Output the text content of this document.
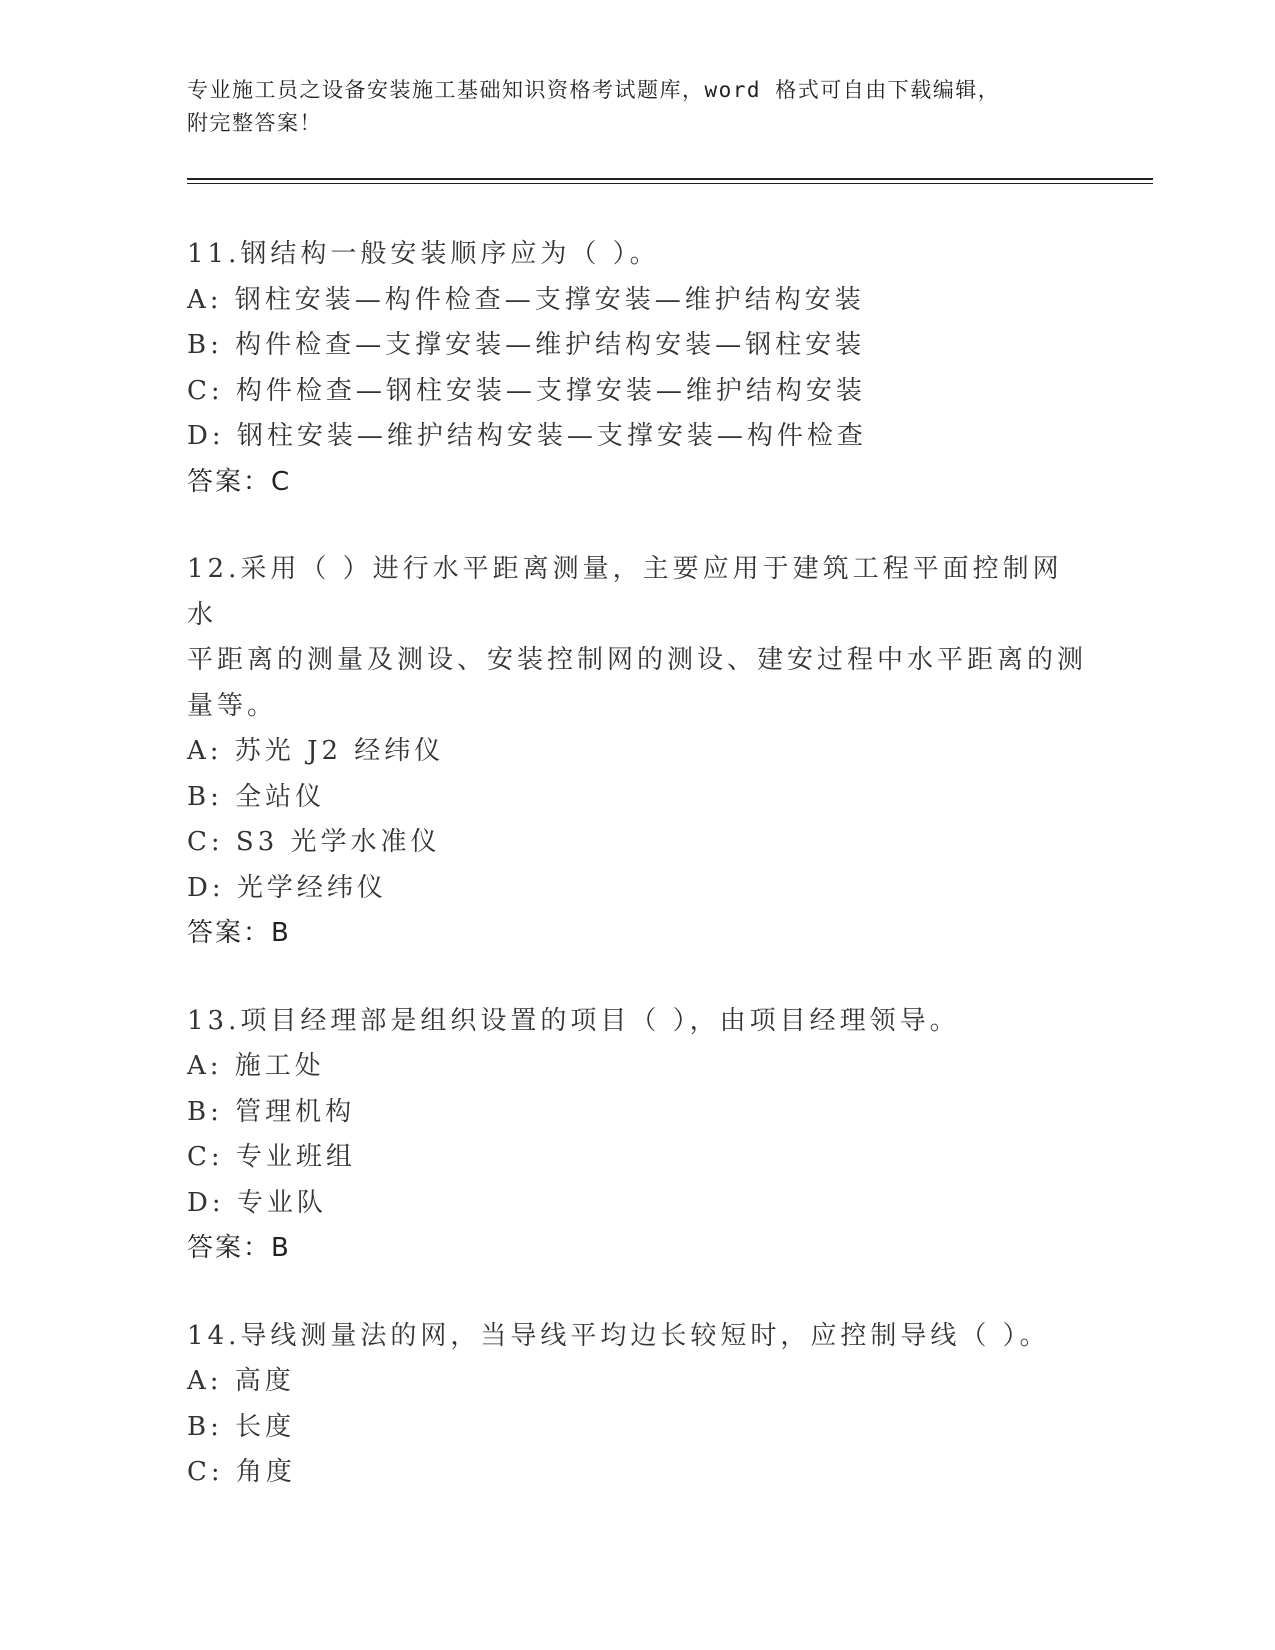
专业施工员之设备安装施工基础知识资格考试题库，word 格式可自由下载编辑，
附完整答案！

11.钢结构一般安装顺序应为（ ）。

A: 钢柱安装—构件检查—支撑安装—维护结构安装

B: 构件检查—支撑安装—维护结构安装—钢柱安装

C: 构件检查—钢柱安装—支撑安装—维护结构安装

D: 钢柱安装—维护结构安装—支撑安装—构件检查

答案：C

12.采用（ ）进行水平距离测量，主要应用于建筑工程平面控制网水

平距离的测量及测设、安装控制网的测设、建安过程中水平距离的测

量等。

A: 苏光 J2 经纬仪

B: 全站仪

C: S3 光学水准仪

D: 光学经纬仪

答案：B

13.项目经理部是组织设置的项目（ ），由项目经理领导。

A: 施工处

B: 管理机构

C: 专业班组

D: 专业队

答案：B

14.导线测量法的网，当导线平均边长较短时，应控制导线（ ）。

A: 高度

B: 长度

C: 角度
